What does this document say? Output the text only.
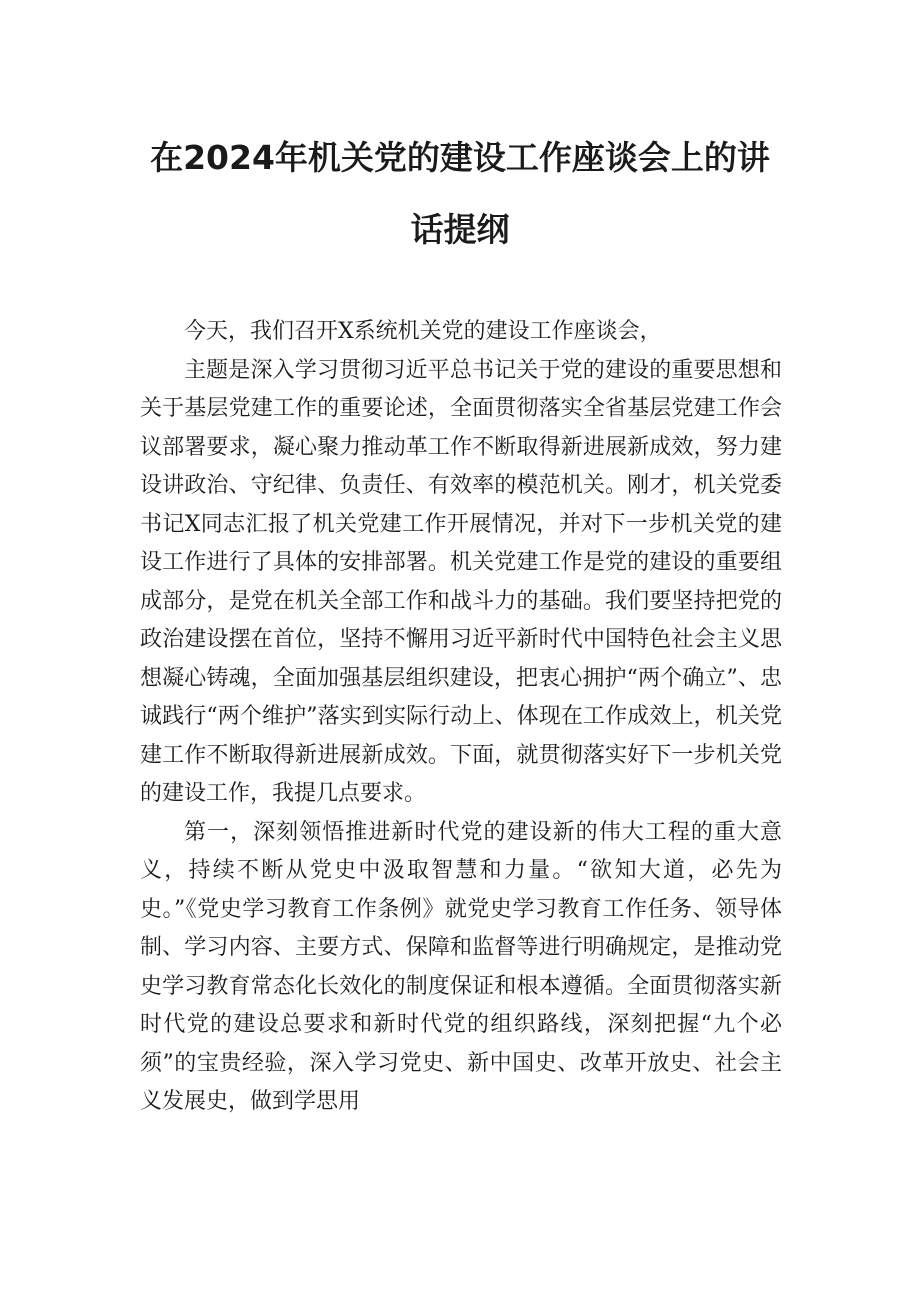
在2024年机关党的建设工作座谈会上的讲
话提纲

今天，我们召开X系统机关党的建设工作座谈会，

主题是深入学习贯彻习近平总书记关于党的建设的重要思想和关于基层党建工作的重要论述，全面贯彻落实全省基层党建工作会议部署要求，凝心聚力推动革工作不断取得新进展新成效，努力建设讲政治、守纪律、负责任、有效率的模范机关。刚才，机关党委书记X同志汇报了机关党建工作开展情况，并对下一步机关党的建设工作进行了具体的安排部署。机关党建工作是党的建设的重要组成部分，是党在机关全部工作和战斗力的基础。我们要坚持把党的政治建设摆在首位，坚持不懈用习近平新时代中国特色社会主义思想凝心铸魂，全面加强基层组织建设，把衷心拥护“两个确立”、忠诚践行“两个维护”落实到实际行动上、体现在工作成效上，机关党建工作不断取得新进展新成效。下面，就贯彻落实好下一步机关党的建设工作，我提几点要求。

第一，深刻领悟推进新时代党的建设新的伟大工程的重大意义，持续不断从党史中汲取智慧和力量。“欲知大道，必先为史。”《党史学习教育工作条例》就党史学习教育工作任务、领导体制、学习内容、主要方式、保障和监督等进行明确规定，是推动党史学习教育常态化长效化的制度保证和根本遵循。全面贯彻落实新时代党的建设总要求和新时代党的组织路线，深刻把握“九个必须”的宝贵经验，深入学习党史、新中国史、改革开放史、社会主义发展史，做到学思用
